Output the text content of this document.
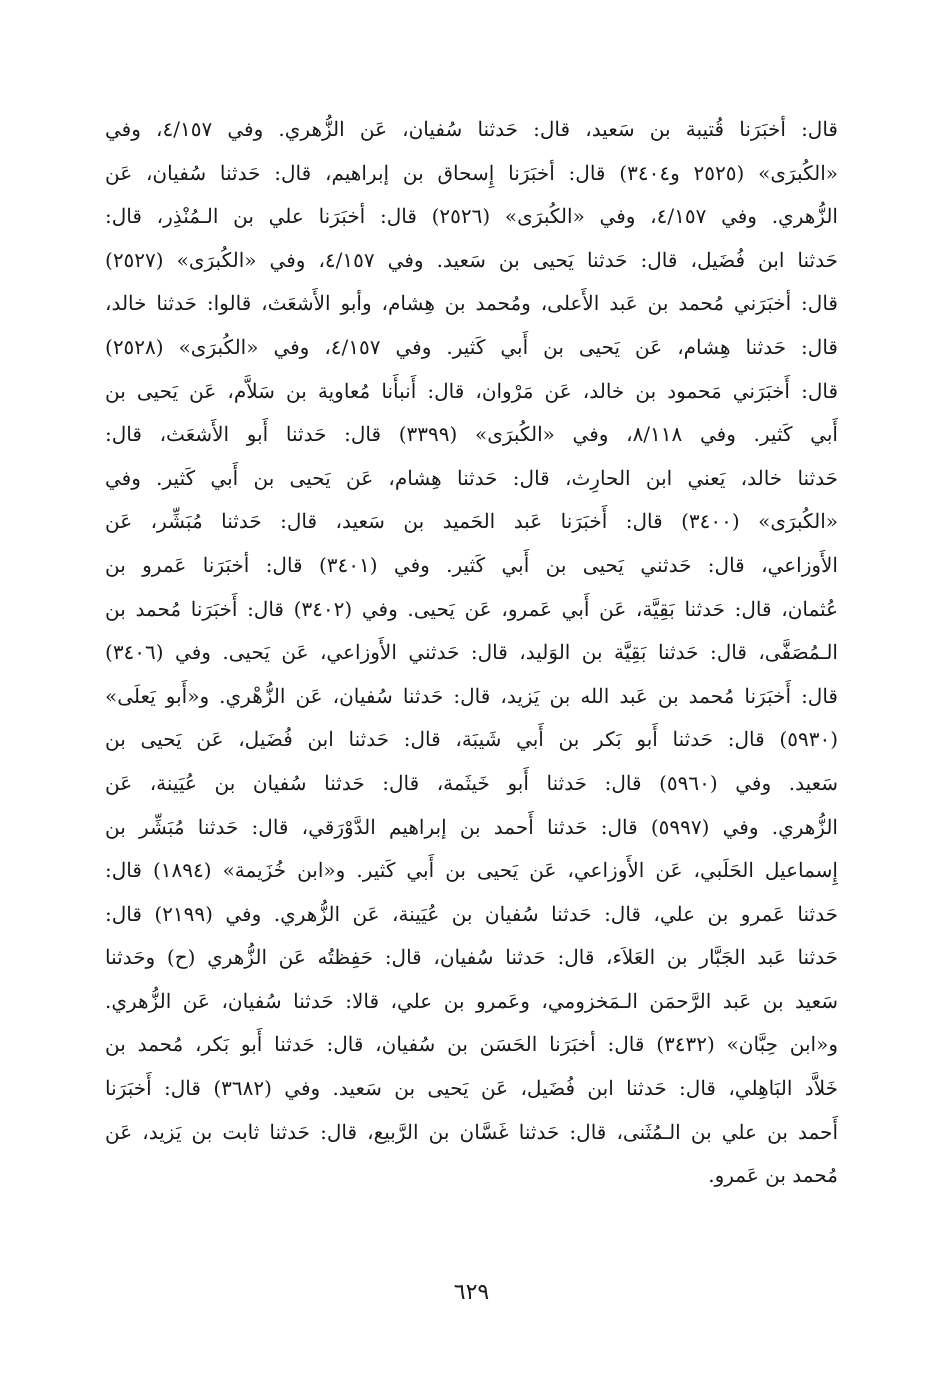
قال: أخبَرَنا قُتيبة بن سَعيد، قال: حَدثنا سُفيان، عَن الزُّهري. وفي ٤/١٥٧، وفي
«الكُبرَى» (٢٥٢٥ و٣٤٠٤) قال: أخبَرَنا إِسحاق بن إبراهيم، قال: حَدثنا سُفيان، عَن
الزُّهري. وفي ٤/١٥٧، وفي «الكُبرَى» (٢٥٢٦) قال: أخبَرَنا علي بن الـمُنْذِر، قال:
حَدثنا ابن فُضَيل، قال: حَدثنا يَحيى بن سَعيد. وفي ٤/١٥٧، وفي «الكُبرَى» (٢٥٢٧)
قال: أخبَرَني مُحمد بن عَبد الأَعلى، ومُحمد بن هِشام، وأبو الأَشعَث، قالوا: حَدثنا خالد،
قال: حَدثنا هِشام، عَن يَحيى بن أَبي كَثير. وفي ٤/١٥٧، وفي «الكُبرَى» (٢٥٢٨)
قال: أَخبَرَني مَحمود بن خالد، عَن مَرْوان، قال: أَنبأَنا مُعاوية بن سَلاَّم، عَن يَحيى بن
أَبي كَثير. وفي ٨/١١٨، وفي «الكُبرَى» (٣٣٩٩) قال: حَدثنا أَبو الأَشعَث، قال:
حَدثنا خالد، يَعني ابن الحارِث، قال: حَدثنا هِشام، عَن يَحيى بن أَبي كَثير. وفي
«الكُبرَى» (٣٤٠٠) قال: أَخبَرَنا عَبد الحَميد بن سَعيد، قال: حَدثنا مُبَشِّر، عَن
الأَوزاعي، قال: حَدثني يَحيى بن أَبي كَثير. وفي (٣٤٠١) قال: أخبَرَنا عَمرو بن
عُثمان، قال: حَدثنا بَقِيَّة، عَن أَبي عَمرو، عَن يَحيى. وفي (٣٤٠٢) قال: أَخبَرَنا مُحمد بن
الـمُصَفَّى، قال: حَدثنا بَقِيَّة بن الوَليد، قال: حَدثني الأَوزاعي، عَن يَحيى. وفي (٣٤٠٦)
قال: أَخبَرَنا مُحمد بن عَبد الله بن يَزيد، قال: حَدثنا سُفيان، عَن الزُّهْري. و«أَبو يَعلَى»
(٥٩٣٠) قال: حَدثنا أَبو بَكر بن أَبي شَيبَة، قال: حَدثنا ابن فُضَيل، عَن يَحيى بن
سَعيد. وفي (٥٩٦٠) قال: حَدثنا أَبو خَيثَمة، قال: حَدثنا سُفيان بن عُيَينة، عَن
الزُّهري. وفي (٥٩٩٧) قال: حَدثنا أَحمد بن إبراهيم الدَّوْرَقي، قال: حَدثنا مُبَشِّر بن
إِسماعيل الحَلَبي، عَن الأَوزاعي، عَن يَحيى بن أَبي كَثير. و«ابن خُزَيمة» (١٨٩٤) قال:
حَدثنا عَمرو بن علي، قال: حَدثنا سُفيان بن عُيَينة، عَن الزُّهري. وفي (٢١٩٩) قال:
حَدثنا عَبد الجَبَّار بن العَلاَء، قال: حَدثنا سُفيان، قال: حَفِظتُه عَن الزُّهري (ح) وحَدثنا
سَعيد بن عَبد الرَّحمَن الـمَخزومي، وعَمرو بن علي، قالا: حَدثنا سُفيان، عَن الزُّهري.
و«ابن حِبَّان» (٣٤٣٢) قال: أخبَرَنا الحَسَن بن سُفيان، قال: حَدثنا أَبو بَكر، مُحمد بن
خَلاَّد البَاهِلي، قال: حَدثنا ابن فُضَيل، عَن يَحيى بن سَعيد. وفي (٣٦٨٢) قال: أَخبَرَنا
أَحمد بن علي بن الـمُثَنى، قال: حَدثنا غَسَّان بن الرَّبيع، قال: حَدثنا ثابت بن يَزيد، عَن
مُحمد بن عَمرو.
٦٢٩
